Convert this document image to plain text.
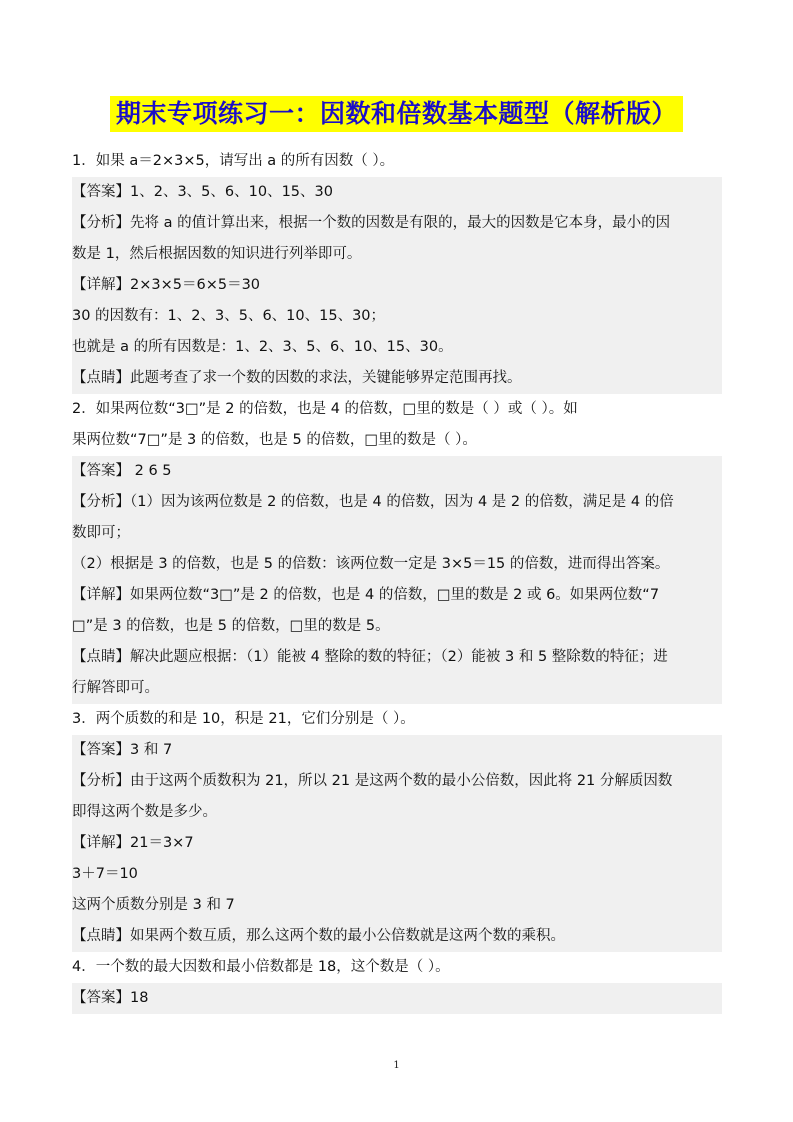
期末专项练习一：因数和倍数基本题型（解析版）
1．如果 a＝2×3×5，请写出 a 的所有因数（ ）。
【答案】1、2、3、5、6、10、15、30
【分析】先将 a 的值计算出来，根据一个数的因数是有限的，最大的因数是它本身，最小的因
数是 1，然后根据因数的知识进行列举即可。
【详解】2×3×5＝6×5＝30
30 的因数有：1、2、3、5、6、10、15、30；
也就是 a 的所有因数是：1、2、3、5、6、10、15、30。
【点睛】此题考查了求一个数的因数的求法，关键能够界定范围再找。
2．如果两位数“3□”是 2 的倍数，也是 4 的倍数，□里的数是（ ）或（ ）。如
果两位数“7□”是 3 的倍数，也是 5 的倍数，□里的数是（ ）。
【答案】 2 6 5
【分析】（1）因为该两位数是 2 的倍数，也是 4 的倍数，因为 4 是 2 的倍数，满足是 4 的倍
数即可；
（2）根据是 3 的倍数，也是 5 的倍数：该两位数一定是 3×5＝15 的倍数，进而得出答案。
【详解】如果两位数“3□”是 2 的倍数，也是 4 的倍数，□里的数是 2 或 6。如果两位数“7
□”是 3 的倍数，也是 5 的倍数，□里的数是 5。
【点睛】解决此题应根据：（1）能被 4 整除的数的特征；（2）能被 3 和 5 整除数的特征；进
行解答即可。
3．两个质数的和是 10，积是 21，它们分别是（ ）。
【答案】3 和 7
【分析】由于这两个质数积为 21，所以 21 是这两个数的最小公倍数，因此将 21 分解质因数
即得这两个数是多少。
【详解】21＝3×7
3＋7＝10
这两个质数分别是 3 和 7
【点睛】如果两个数互质，那么这两个数的最小公倍数就是这两个数的乘积。
4．一个数的最大因数和最小倍数都是 18，这个数是（ ）。
【答案】18
1
